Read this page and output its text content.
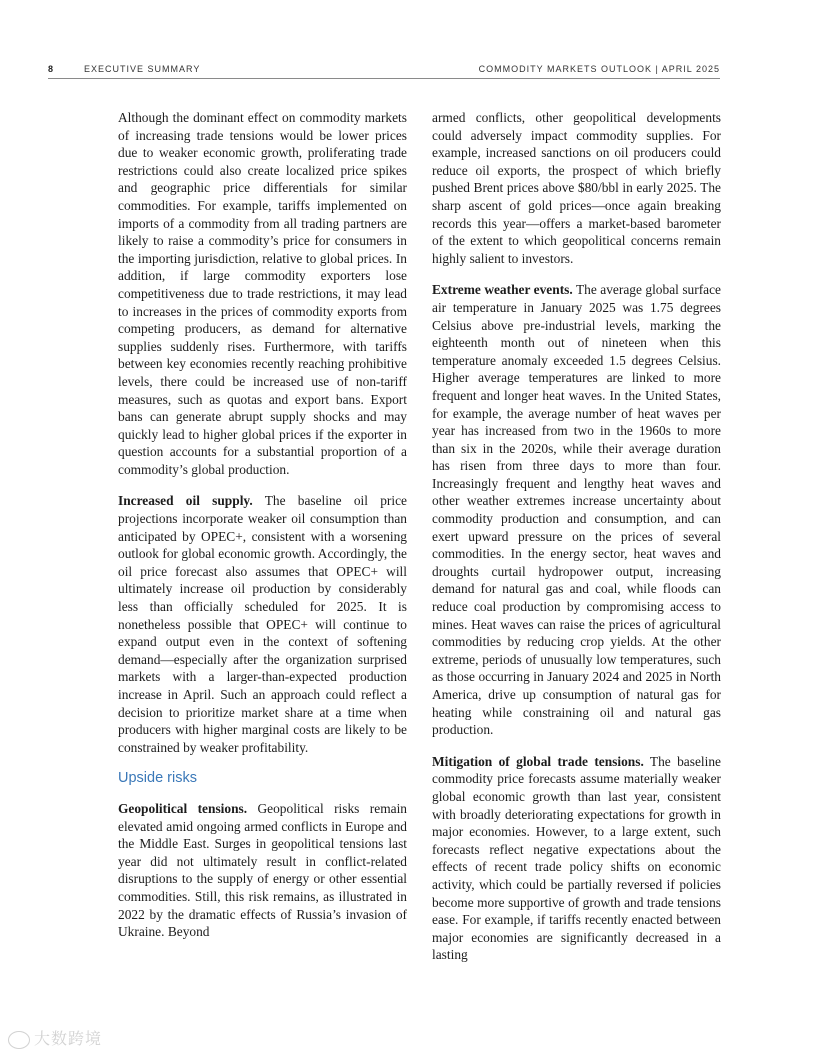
8	EXECUTIVE SUMMARY	COMMODITY MARKETS OUTLOOK | APRIL 2025

Although the dominant effect on commodity markets of increasing trade tensions would be lower prices due to weaker economic growth, proliferating trade restrictions could also create localized price spikes and geographic price differentials for similar commodities. For example, tariffs implemented on imports of a commodity from all trading partners are likely to raise a commodity’s price for consumers in the importing jurisdiction, relative to global prices. In addition, if large commodity exporters lose competitiveness due to trade restrictions, it may lead to increases in the prices of commodity exports from competing producers, as demand for alternative supplies suddenly rises. Furthermore, with tariffs between key economies recently reaching prohibitive levels, there could be increased use of non-tariff measures, such as quotas and export bans. Export bans can generate abrupt supply shocks and may quickly lead to higher global prices if the exporter in question accounts for a substantial proportion of a commodity’s global production.

Increased oil supply. The baseline oil price projections incorporate weaker oil consumption than anticipated by OPEC+, consistent with a worsening outlook for global economic growth. Accordingly, the oil price forecast also assumes that OPEC+ will ultimately increase oil production by considerably less than officially scheduled for 2025. It is nonetheless possible that OPEC+ will continue to expand output even in the context of softening demand—especially after the organization surprised markets with a larger-than-expected production increase in April. Such an approach could reflect a decision to prioritize market share at a time when producers with higher marginal costs are likely to be constrained by weaker profitability.

Upside risks

Geopolitical tensions. Geopolitical risks remain elevated amid ongoing armed conflicts in Europe and the Middle East. Surges in geopolitical tensions last year did not ultimately result in conflict-related disruptions to the supply of energy or other essential commodities. Still, this risk remains, as illustrated in 2022 by the dramatic effects of Russia’s invasion of Ukraine. Beyond

armed conflicts, other geopolitical developments could adversely impact commodity supplies. For example, increased sanctions on oil producers could reduce oil exports, the prospect of which briefly pushed Brent prices above $80/bbl in early 2025. The sharp ascent of gold prices—once again breaking records this year—offers a market-based barometer of the extent to which geopolitical concerns remain highly salient to investors.

Extreme weather events. The average global surface air temperature in January 2025 was 1.75 degrees Celsius above pre-industrial levels, marking the eighteenth month out of nineteen when this temperature anomaly exceeded 1.5 degrees Celsius. Higher average temperatures are linked to more frequent and longer heat waves. In the United States, for example, the average number of heat waves per year has increased from two in the 1960s to more than six in the 2020s, while their average duration has risen from three days to more than four. Increasingly frequent and lengthy heat waves and other weather extremes increase uncertainty about commodity production and consumption, and can exert upward pressure on the prices of several commodities. In the energy sector, heat waves and droughts curtail hydropower output, increasing demand for natural gas and coal, while floods can reduce coal production by compromising access to mines. Heat waves can raise the prices of agricultural commodities by reducing crop yields. At the other extreme, periods of unusually low temperatures, such as those occurring in January 2024 and 2025 in North America, drive up consumption of natural gas for heating while constraining oil and natural gas production.

Mitigation of global trade tensions. The baseline commodity price forecasts assume materially weaker global economic growth than last year, consistent with broadly deteriorating expectations for growth in major economies. However, to a large extent, such forecasts reflect negative expectations about the effects of recent trade policy shifts on economic activity, which could be partially reversed if policies become more supportive of growth and trade tensions ease. For example, if tariffs recently enacted between major economies are significantly decreased in a lasting

大数跨境
